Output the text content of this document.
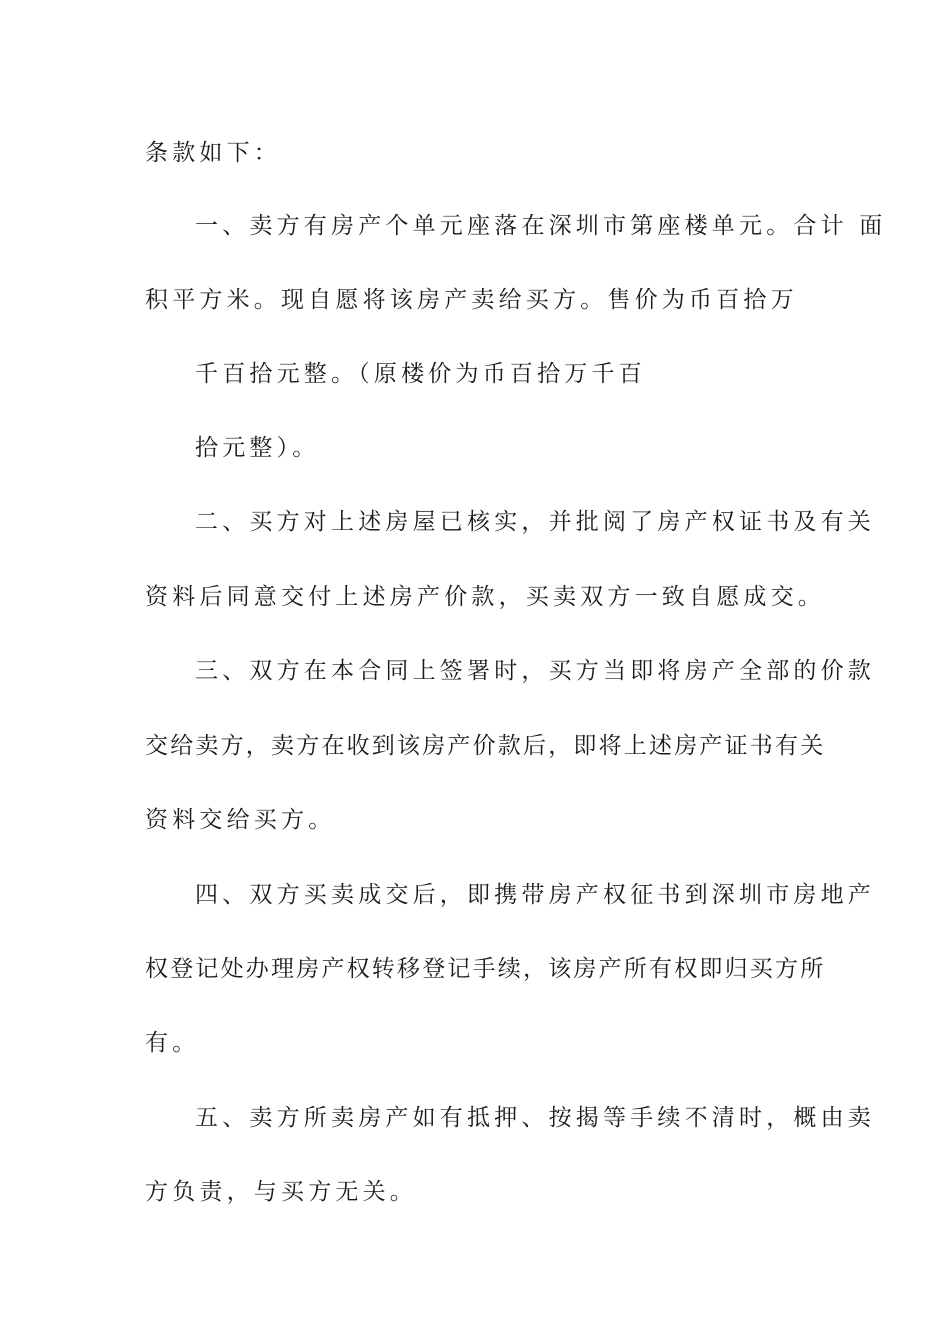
条款如下：
一、卖方有房产个单元座落在深圳市第座楼单元。合计 面
积平方米。现自愿将该房产卖给买方。售价为币百拾万
千百拾元整。（原楼价为币百拾万千百
拾元整）。
二、买方对上述房屋已核实，并批阅了房产权证书及有关
资料后同意交付上述房产价款，买卖双方一致自愿成交。
三、双方在本合同上签署时，买方当即将房产全部的价款
交给卖方，卖方在收到该房产价款后，即将上述房产证书有关
资料交给买方。
四、双方买卖成交后，即携带房产权征书到深圳市房地产
权登记处办理房产权转移登记手续，该房产所有权即归买方所
有。
五、卖方所卖房产如有抵押、按揭等手续不清时，概由卖
方负责，与买方无关。
